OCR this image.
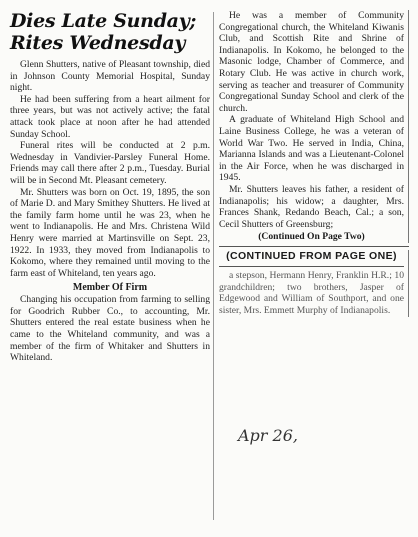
Dies Late Sunday;
Rites Wednesday

Glenn Shutters, native of Pleasant township, died in Johnson County Memorial Hospital, Sunday night.

He had been suffering from a heart ailment for three years, but was not actively active; the fatal attack took place at noon after he had attended Sunday School.

Funeral rites will be conducted at 2 p.m. Wednesday in Vandivier-Parsley Funeral Home. Friends may call there after 2 p.m., Tuesday. Burial will be in Second Mt. Pleasant cemetery.

Mr. Shutters was born on Oct. 19, 1895, the son of Marie D. and Mary Smithey Shutters. He lived at the family farm home until he was 23, when he went to Indianapolis. He and Mrs. Christena Wild Henry were married at Martinsville on Sept. 23, 1922. In 1933, they moved from Indianapolis to Kokomo, where they remained until moving to the farm east of Whiteland, ten years ago.

Member Of Firm

Changing his occupation from farming to selling for Goodrich Rubber Co., to accounting, Mr. Shutters entered the real estate business when he came to the Whiteland community, and was a member of the firm of Whitaker and Shutters in Whiteland.

He was a member of Community Congregational church, the Whiteland Kiwanis Club, and Scottish Rite and Shrine of Indianapolis. In Kokomo, he belonged to the Masonic lodge, Chamber of Commerce, and Rotary Club. He was active in church work, serving as teacher and treasurer of Community Congregational Sunday School and clerk of the church.

A graduate of Whiteland High School and Laine Business College, he was a veteran of World War Two. He served in India, China, Marianna Islands and was a Lieutenant-Colonel in the Air Force, when he was discharged in 1945.

Mr. Shutters leaves his father, a resident of Indianapolis; his widow; a daughter, Mrs. Frances Shank, Redando Beach, Cal.; a son, Cecil Shutters of Greensburg;

(Continued On Page Two)
(CONTINUED FROM PAGE ONE)

a stepson, Hermann Henry, Franklin H.R.; 10 grandchildren; two brothers, Jasper of Edgewood and William of Southport, and one sister, Mrs. Emmett Murphy of Indianapolis.

Apr 26,
